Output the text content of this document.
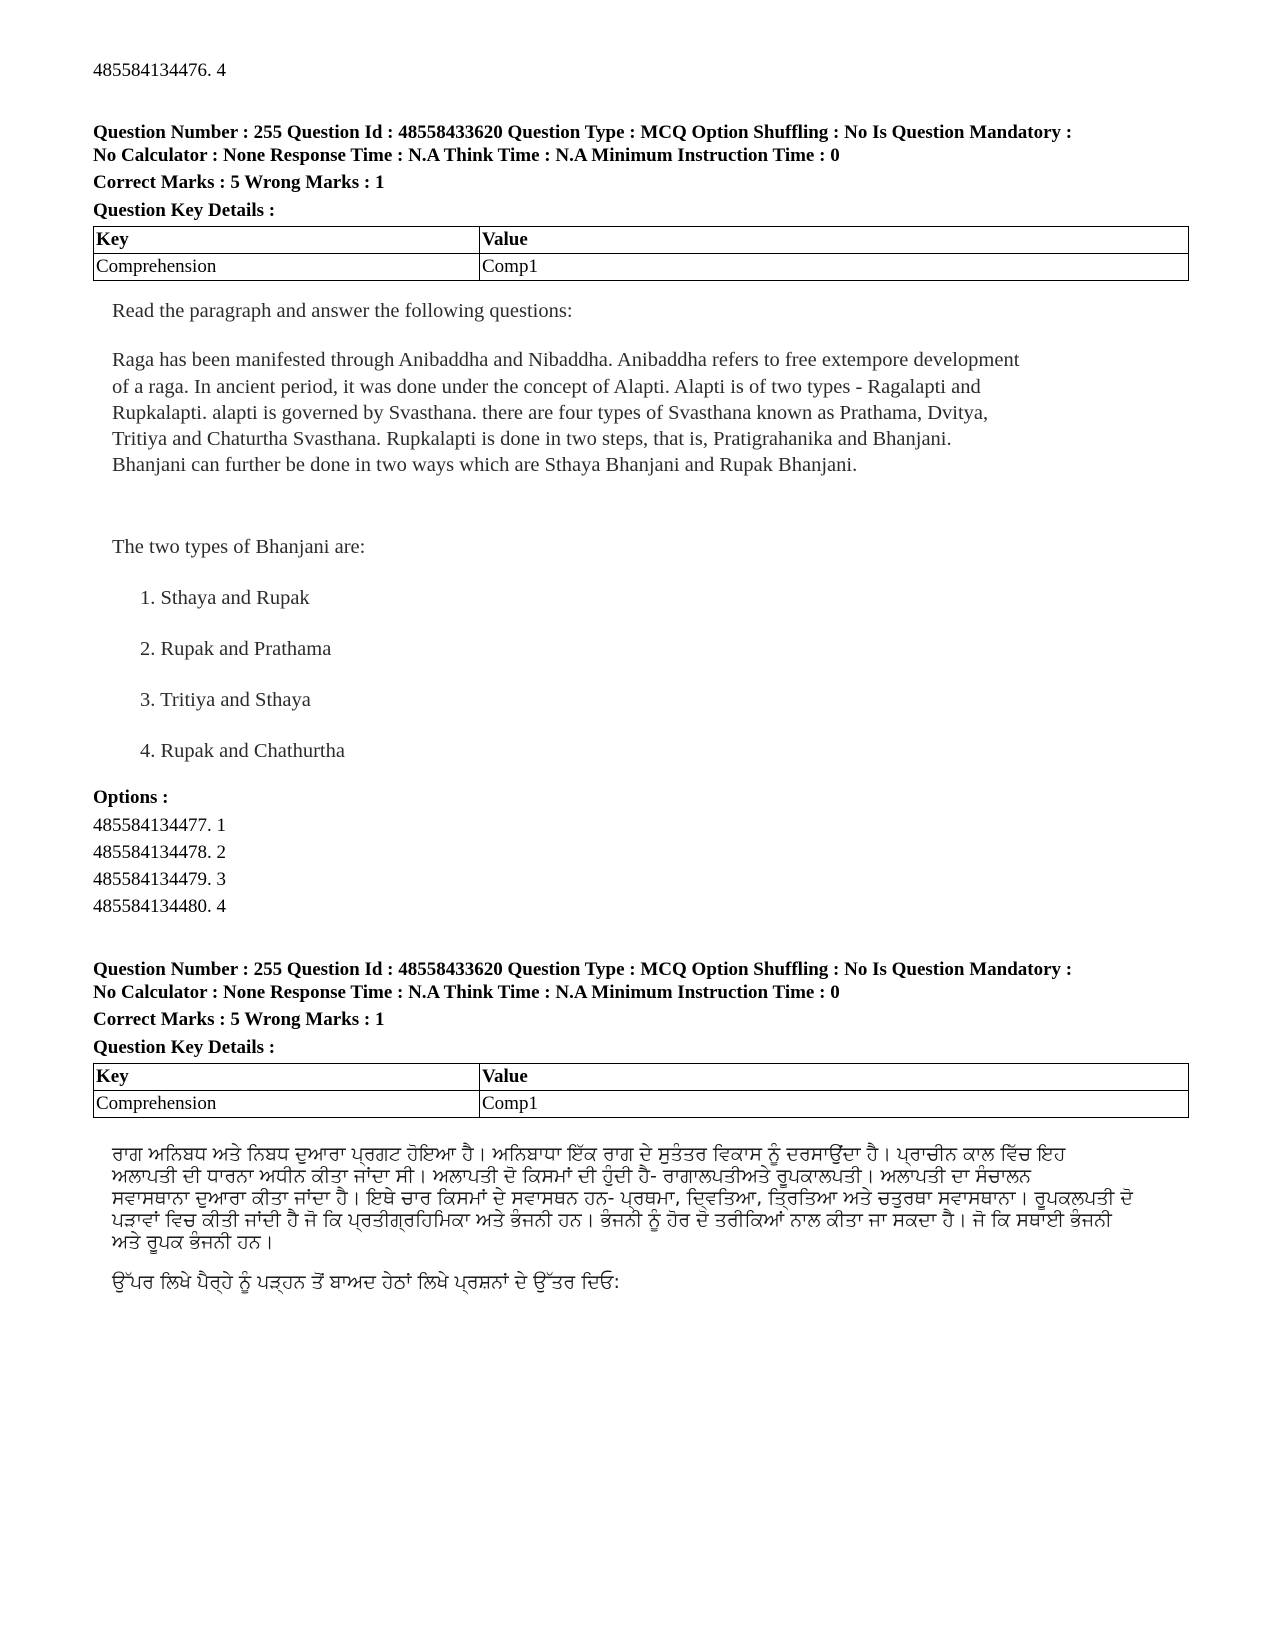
485584134476. 4
Question Number : 255 Question Id : 48558433620 Question Type : MCQ Option Shuffling : No Is Question Mandatory :
No Calculator : None Response Time : N.A Think Time : N.A Minimum Instruction Time : 0
Correct Marks : 5 Wrong Marks : 1
Question Key Details :
Key	Value
Comprehension	Comp1

Read the paragraph and answer the following questions:

Raga has been manifested through Anibaddha and Nibaddha. Anibaddha refers to free extempore development

of a raga. In ancient period, it was done under the concept of Alapti. Alapti is of two types - Ragalapti and

Rupkalapti. alapti is governed by Svasthana. there are four types of Svasthana known as Prathama, Dvitya,

Tritiya and Chaturtha Svasthana. Rupkalapti is done in two steps, that is, Pratigrahanika and Bhanjani.

Bhanjani can further be done in two ways which are Sthaya Bhanjani and Rupak Bhanjani.

The two types of Bhanjani are:

1. Sthaya and Rupak
2. Rupak and Prathama
3. Tritiya and Sthaya
4. Rupak and Chathurtha
Options :
485584134477. 1
485584134478. 2
485584134479. 3
485584134480. 4
Question Number : 255 Question Id : 48558433620 Question Type : MCQ Option Shuffling : No Is Question Mandatory :
No Calculator : None Response Time : N.A Think Time : N.A Minimum Instruction Time : 0
Correct Marks : 5 Wrong Marks : 1
Question Key Details :
Key	Value
Comprehension	Comp1

ਰਾਗ ਅਨਿਬਧ ਅਤੇ ਨਿਬਧ ਦੁਆਰਾ ਪ੍ਰਗਟ ਹੋਇਆ ਹੈ। ਅਨਿਬਾਧਾ ਇੱਕ ਰਾਗ ਦੇ ਸੁਤੰਤਰ ਵਿਕਾਸ ਨੂੰ ਦਰਸਾਉਂਦਾ ਹੈ। ਪ੍ਰਾਚੀਨ ਕਾਲ ਵਿੱਚ ਇਹ

ਅਲਾਪਤੀ ਦੀ ਧਾਰਨਾ ਅਧੀਨ ਕੀਤਾ ਜਾਂਦਾ ਸੀ। ਅਲਾਪਤੀ ਦੋ ਕਿਸਮਾਂ ਦੀ ਹੁੰਦੀ ਹੈ- ਰਾਗਾਲਪਤੀਅਤੇ ਰੂਪਕਾਲਪਤੀ। ਅਲਾਪਤੀ ਦਾ ਸੰਚਾਲਨ

ਸਵਾਸਥਾਨਾ ਦੁਆਰਾ ਕੀਤਾ ਜਾਂਦਾ ਹੈ। ਇਥੇ ਚਾਰ ਕਿਸਮਾਂ ਦੇ ਸਵਾਸਥਨ ਹਨ- ਪ੍ਰਥਮਾ, ਦ੍ਵਿਤਿਆ, ਤ੍ਰਿਤਿਆ ਅਤੇ ਚਤੁਰਥਾ ਸਵਾਸਥਾਨਾ। ਰੂਪਕਲਪਤੀ ਦੋ

ਪੜਾਵਾਂ ਵਿਚ ਕੀਤੀ ਜਾਂਦੀ ਹੈ ਜੋ ਕਿ ਪ੍ਰਤੀਗ੍ਰਹਿਮਿਕਾ ਅਤੇ ਭੰਜਨੀ ਹਨ। ਭੰਜਨੀ ਨੂੰ ਹੋਰ ਦੋ ਤਰੀਕਿਆਂ ਨਾਲ ਕੀਤਾ ਜਾ ਸਕਦਾ ਹੈ। ਜੋ ਕਿ ਸਥਾਈ ਭੰਜਨੀ

ਅਤੇ ਰੂਪਕ ਭੰਜਨੀ ਹਨ।

ਉੱਪਰ ਲਿਖੇ ਪੈਰ੍ਹੇ ਨੂੰ ਪੜ੍ਹਨ ਤੋਂ ਬਾਅਦ ਹੇਠਾਂ ਲਿਖੇ ਪ੍ਰਸ਼ਨਾਂ ਦੇ ਉੱਤਰ ਦਿਓ:
